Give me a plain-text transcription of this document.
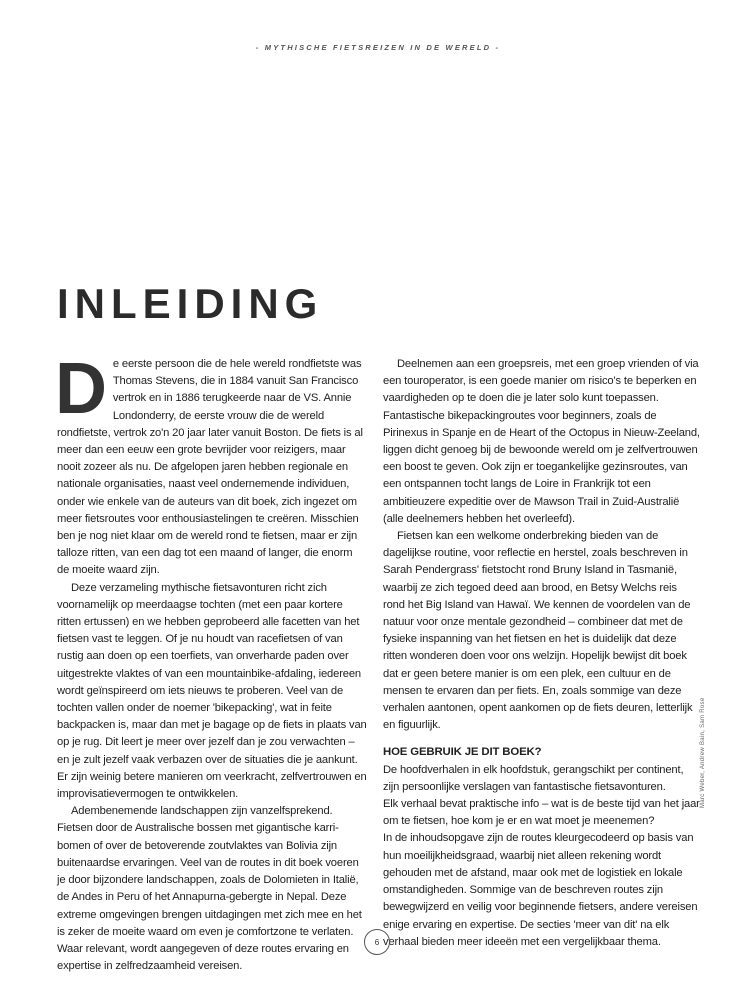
- MYTHISCHE FIETSREIZEN IN DE WERELD -
INLEIDING

De eerste persoon die de hele wereld rondfietste was Thomas Stevens, die in 1884 vanuit San Francisco vertrok en in 1886 terugkeerde naar de VS. Annie Londonderry, de eerste vrouw die de wereld rondfietste, vertrok zo'n 20 jaar later vanuit Boston. De fiets is al meer dan een eeuw een grote bevrijder voor reizigers, maar nooit zozeer als nu. De afgelopen jaren hebben regionale en nationale organisaties, naast veel ondernemende individuen, onder wie enkele van de auteurs van dit boek, zich ingezet om meer fietsroutes voor enthousiastelingen te creëren. Misschien ben je nog niet klaar om de wereld rond te fietsen, maar er zijn talloze ritten, van een dag tot een maand of langer, die enorm de moeite waard zijn.

Deze verzameling mythische fietsavonturen richt zich voornamelijk op meerdaagse tochten (met een paar kortere ritten ertussen) en we hebben geprobeerd alle facetten van het fietsen vast te leggen. Of je nu houdt van racefietsen of van rustig aan doen op een toerfiets, van onverharde paden over uitgestrekte vlaktes of van een mountainbike-afdaling, iedereen wordt geïnspireerd om iets nieuws te proberen. Veel van de tochten vallen onder de noemer 'bikepacking', wat in feite backpacken is, maar dan met je bagage op de fiets in plaats van op je rug. Dit leert je meer over jezelf dan je zou verwachten – en je zult jezelf vaak verbazen over de situaties die je aankunt. Er zijn weinig betere manieren om veerkracht, zelfvertrouwen en improvisatievermogen te ontwikkelen.

Adembenemende landschappen zijn vanzelfsprekend. Fietsen door de Australische bossen met gigantische karri-bomen of over de betoverende zoutvlaktes van Bolivia zijn buitenaardse ervaringen. Veel van de routes in dit boek voeren je door bijzondere landschappen, zoals de Dolomieten in Italië, de Andes in Peru of het Annapurna-gebergte in Nepal. Deze extreme omgevingen brengen uitdagingen met zich mee en het is zeker de moeite waard om even je comfortzone te verlaten. Waar relevant, wordt aangegeven of deze routes ervaring en expertise in zelfredzaamheid vereisen.

Deelnemen aan een groepsreis, met een groep vrienden of via een touroperator, is een goede manier om risico's te beperken en vaardigheden op te doen die je later solo kunt toepassen. Fantastische bikepackingroutes voor beginners, zoals de Pirinexus in Spanje en de Heart of the Octopus in Nieuw-Zeeland, liggen dicht genoeg bij de bewoonde wereld om je zelfvertrouwen een boost te geven. Ook zijn er toegankelijke gezinsroutes, van een ontspannen tocht langs de Loire in Frankrijk tot een ambitieuzere expeditie over de Mawson Trail in Zuid-Australië (alle deelnemers hebben het overleefd).

Fietsen kan een welkome onderbreking bieden van de dagelijkse routine, voor reflectie en herstel, zoals beschreven in Sarah Pendergrass' fietstocht rond Bruny Island in Tasmanië, waarbij ze zich tegoed deed aan brood, en Betsy Welchs reis rond het Big Island van Hawaï. We kennen de voordelen van de natuur voor onze mentale gezondheid – combineer dat met de fysieke inspanning van het fietsen en het is duidelijk dat deze ritten wonderen doen voor ons welzijn. Hopelijk bewijst dit boek dat er geen betere manier is om een plek, een cultuur en de mensen te ervaren dan per fiets. En, zoals sommige van deze verhalen aantonen, opent aankomen op de fiets deuren, letterlijk en figuurlijk.

HOE GEBRUIK JE DIT BOEK?

De hoofdverhalen in elk hoofdstuk, gerangschikt per continent, zijn persoonlijke verslagen van fantastische fietsavonturen.

Elk verhaal bevat praktische info – wat is de beste tijd van het jaar om te fietsen, hoe kom je er en wat moet je meenemen?

In de inhoudsopgave zijn de routes kleurgecodeerd op basis van hun moeilijkheidsgraad, waarbij niet alleen rekening wordt gehouden met de afstand, maar ook met de logistiek en lokale omstandigheden. Sommige van de beschreven routes zijn bewegwijzerd en veilig voor beginnende fietsers, andere vereisen enige ervaring en expertise. De secties 'meer van dit' na elk verhaal bieden meer ideeën met een vergelijkbaar thema.

Marc Weber, Andrew Bain, Sam Rose
6
